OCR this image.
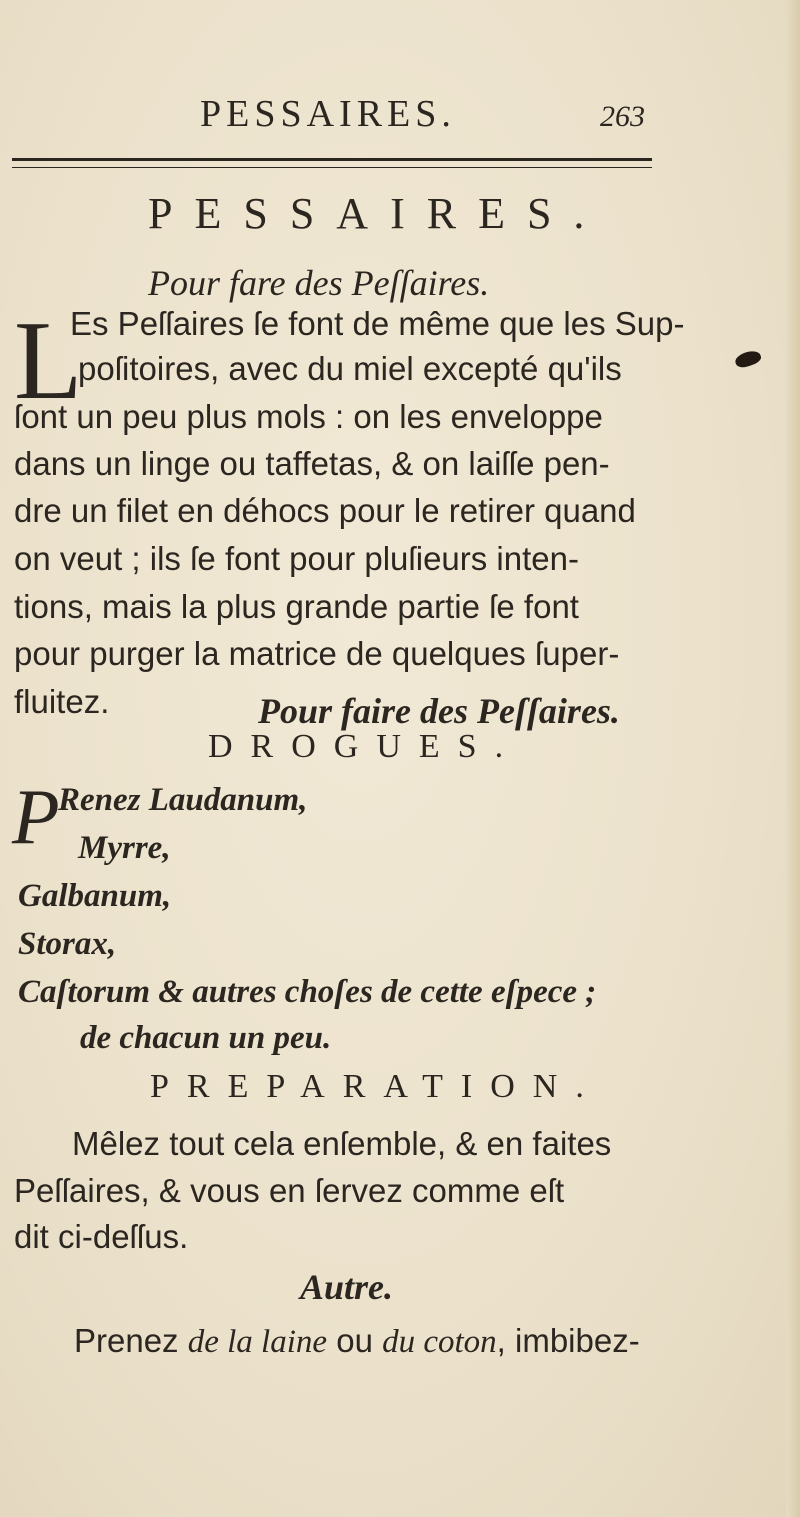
PESSAIRES.	263
PESSAIRES.
Pour fare des Peſſaires.
L
Es Peſſaires ſe font de même que les Sup-
poſitoires, avec du miel excepté qu'ils
ſont un peu plus mols : on les enveloppe
dans un linge ou taffetas, & on laiſſe pen-
dre un filet en déhocs pour le retirer quand
on veut ; ils ſe font pour pluſieurs inten-
tions, mais la plus grande partie ſe font
pour purger la matrice de quelques ſuper-
fluitez.	Pour faire des Peſſaires.
DROGUES.
P
Renez Laudanum,
Myrre,
Galbanum,
Storax,
Caſtorum & autres choſes de cette eſpece ;
de chacun un peu.
PREPARATION.
Mêlez tout cela enſemble, & en faites
Peſſaires, & vous en ſervez comme eſt
dit ci-deſſus.
Autre.
Prenez de la laine ou du coton, imbibez-
